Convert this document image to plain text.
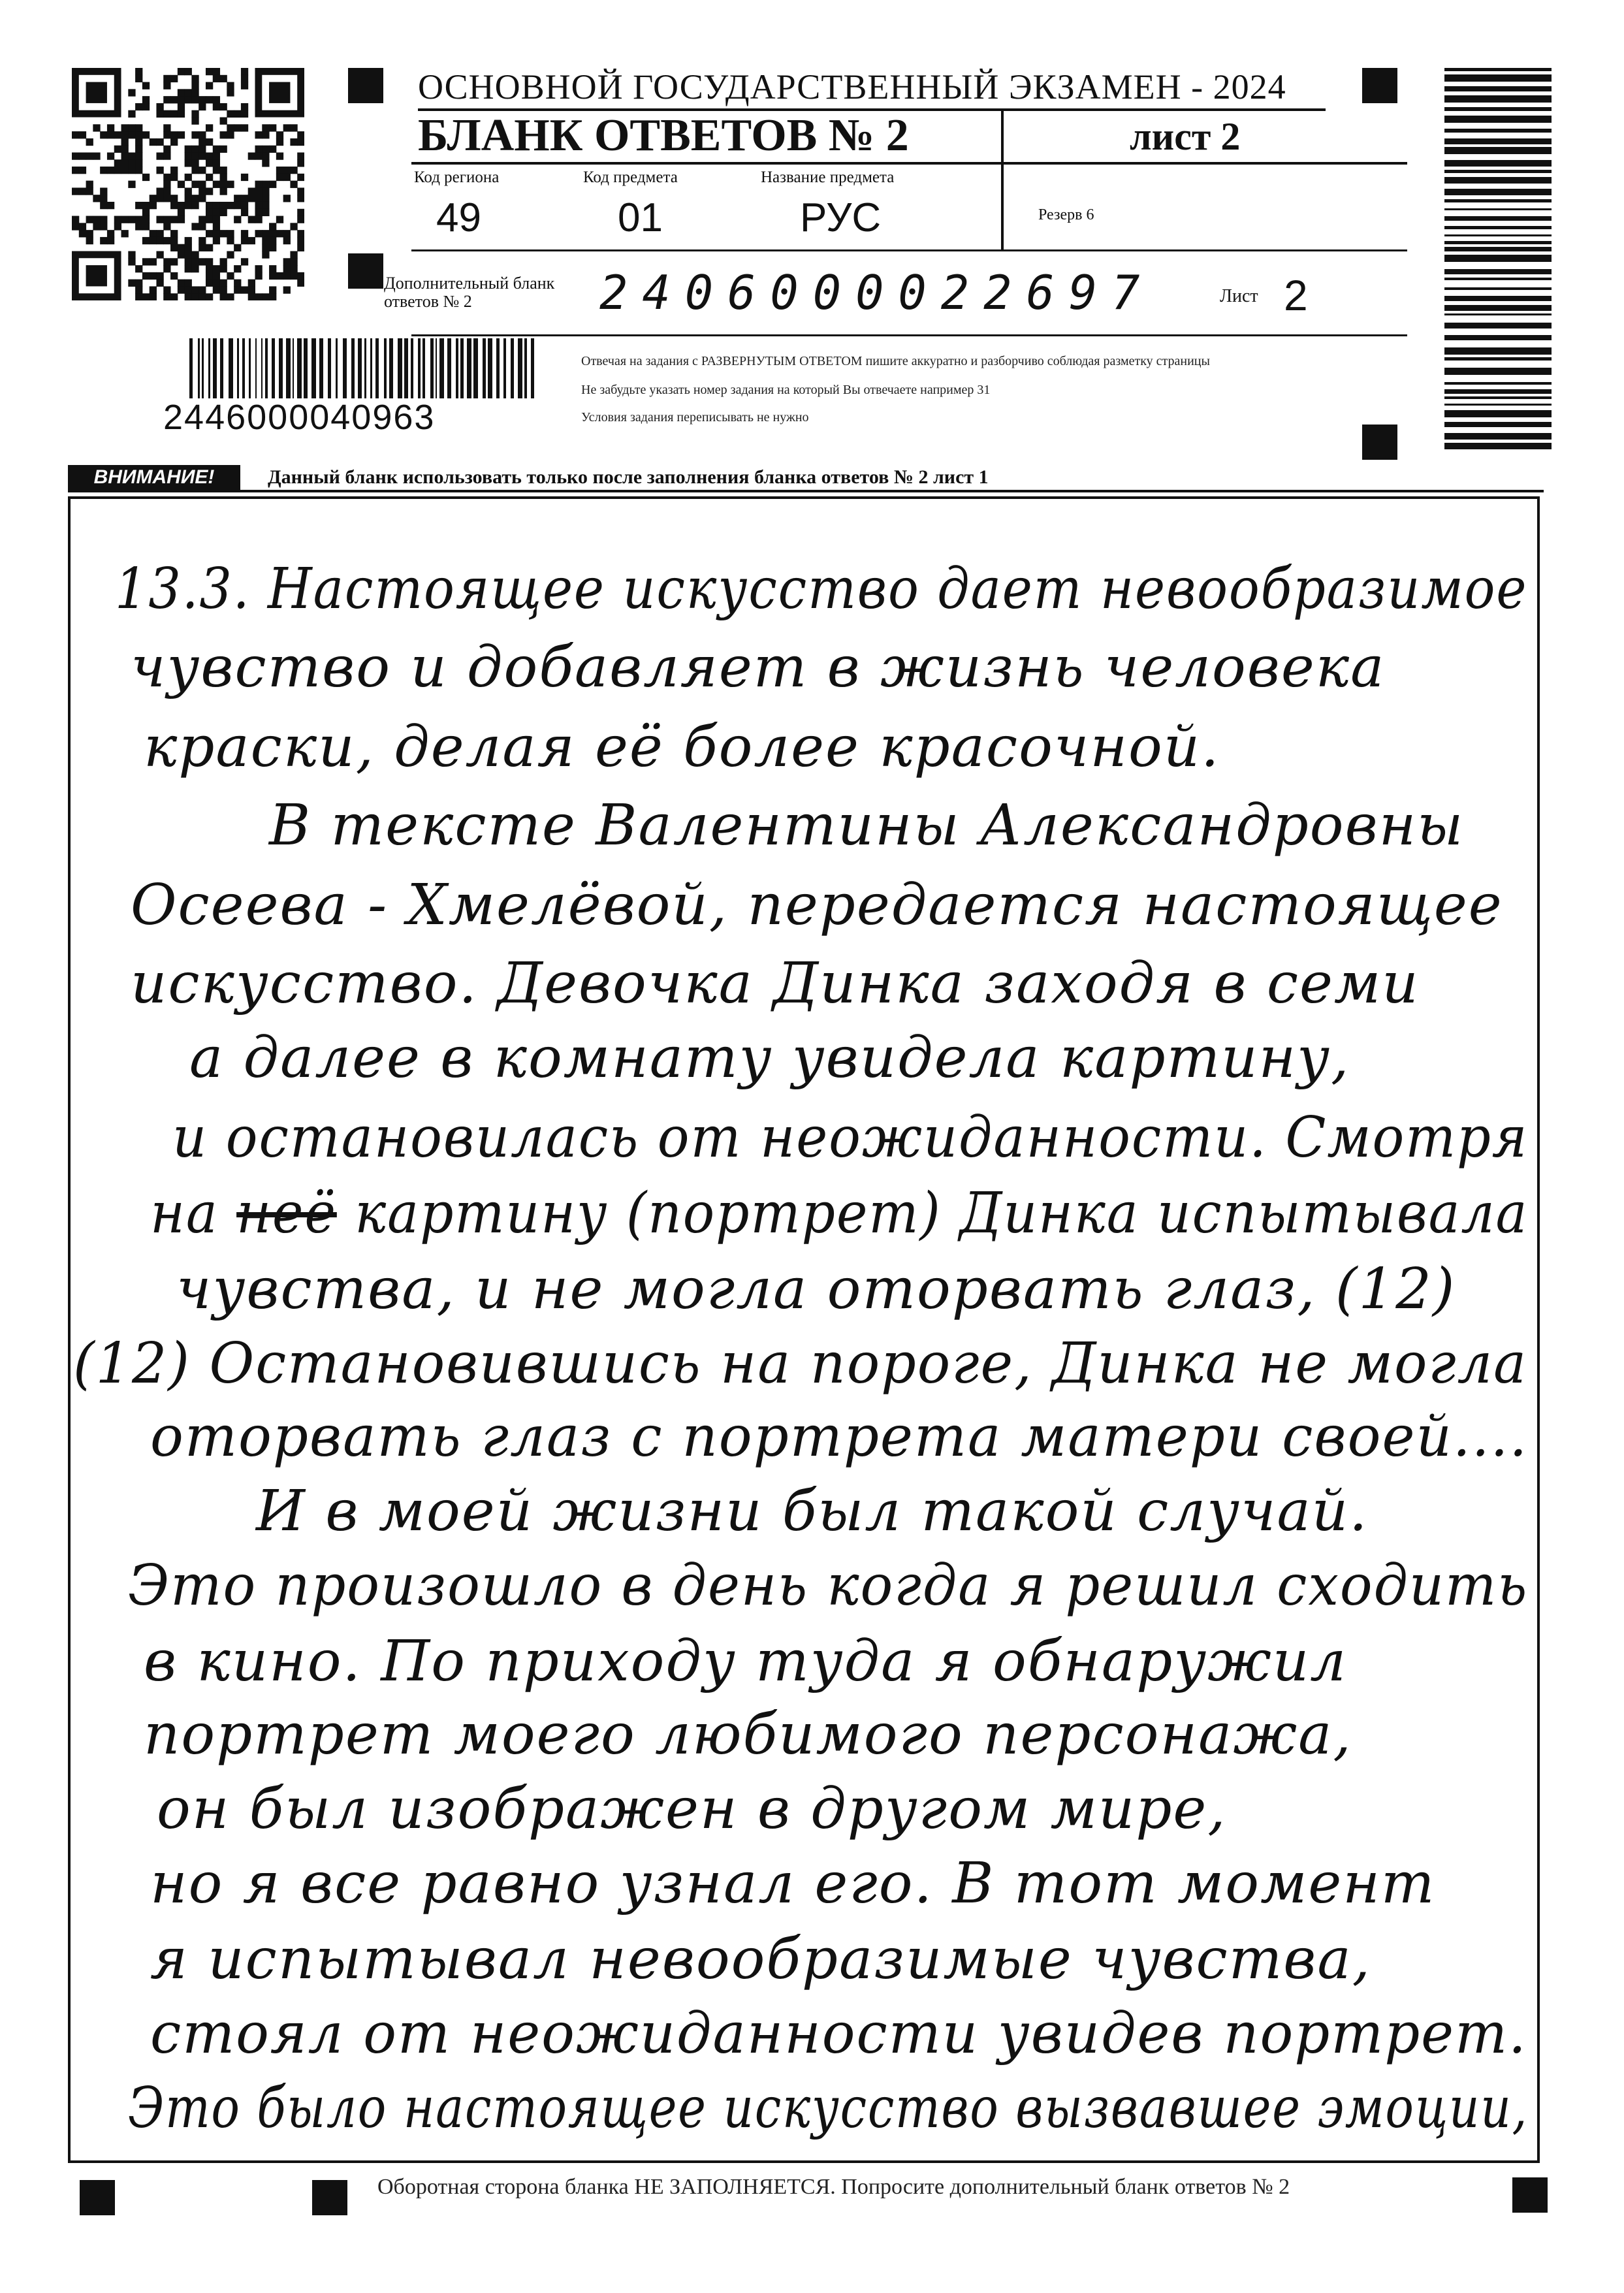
ОСНОВНОЙ ГОСУДАРСТВЕННЫЙ ЭКЗАМЕН - 2024
БЛАНК ОТВЕТОВ № 2	лист 2
Код региона
49
Код предмета
01
Название предмета
РУС	Резерв 6
Дополнительный бланк ответов № 2	2406000022697	Лист 2
Отвечая на задания с РАЗВЕРНУТЫМ ОТВЕТОМ пишите аккуратно и разборчиво соблюдая разметку страницы
Не забудьте указать номер задания на который Вы отвечаете например 31
Условия задания переписывать не нужно
2446000040963
ВНИМАНИЕ!	Данный бланк использовать только после заполнения бланка ответов № 2 лист 1
13.3. Настоящее искусство дает невообразимое
чувство и добавляет в жизнь человека
краски, делая её более красочной.
В тексте Валентины Александровны
Осеева - Хмелёвой, передается настоящее
искусство. Девочка Динка заходя в семи
а далее в комнату увидела картину,
и остановилась от неожиданности. Смотря
на неё картину (портрет) Динка испытывала
чувства, и не могла оторвать глаз, (12)
(12) Остановившись на пороге, Динка не могла
оторвать глаз с портрета матери своей....
И в моей жизни был такой случай.
Это произошло в день когда я решил сходить
в кино. По приходу туда я обнаружил
портрет моего любимого персонажа,
он был изображен в другом мире,
но я все равно узнал его. В тот момент
я испытывал невообразимые чувства,
стоял от неожиданности увидев портрет.
Это было настоящее искусство вызвавшее эмоции,
Оборотная сторона бланка НЕ ЗАПОЛНЯЕТСЯ. Попросите дополнительный бланк ответов № 2
